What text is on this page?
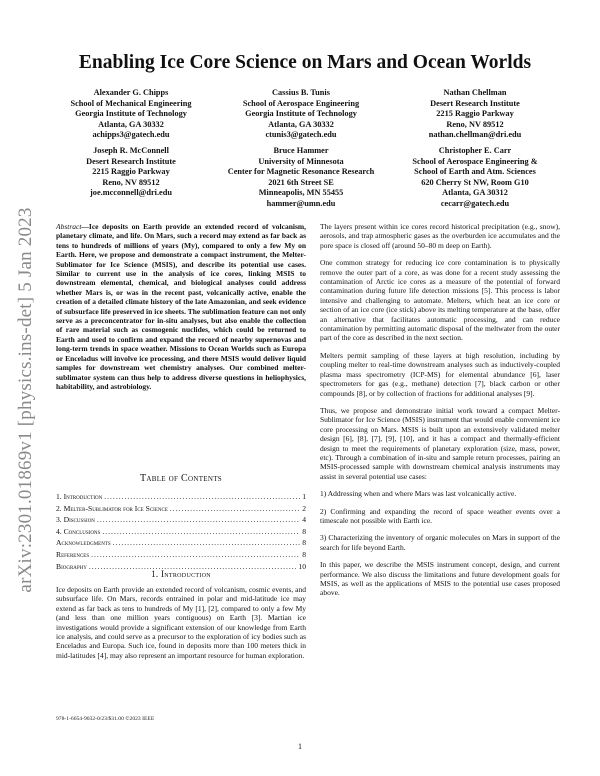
arXiv:2301.01869v1 [physics.ins-det] 5 Jan 2023
Enabling Ice Core Science on Mars and Ocean Worlds
Alexander G. Chipps
School of Mechanical Engineering
Georgia Institute of Technology
Atlanta, GA 30332
achipps3@gatech.edu
Cassius B. Tunis
School of Aerospace Engineering
Georgia Institute of Technology
Atlanta, GA 30332
ctunis3@gatech.edu
Nathan Chellman
Desert Research Institute
2215 Raggio Parkway
Reno, NV 89512
nathan.chellman@dri.edu
Joseph R. McConnell
Desert Research Institute
2215 Raggio Parkway
Reno, NV 89512
joe.mcconnell@dri.edu
Bruce Hammer
University of Minnesota
Center for Magnetic Resonance Research
2021 6th Street SE
Minneapolis, MN 55455
hammer@umn.edu
Christopher E. Carr
School of Aerospace Engineering &
School of Earth and Atm. Sciences
620 Cherry St NW, Room G10
Atlanta, GA 30312
cecarr@gatech.edu
Abstract—Ice deposits on Earth provide an extended record of volcanism, planetary climate, and life. On Mars, such a record may extend as far back as tens to hundreds of millions of years (My), compared to only a few My on Earth. Here, we propose and demonstrate a compact instrument, the Melter-Sublimator for Ice Science (MSIS), and describe its potential use cases. Similar to current use in the analysis of ice cores, linking MSIS to downstream elemental, chemical, and biological analyses could address whether Mars is, or was in the recent past, volcanically active, enable the creation of a detailed climate history of the late Amazonian, and seek evidence of subsurface life preserved in ice sheets. The sublimation feature can not only serve as a preconcentrator for in-situ analyses, but also enable the collection of rare material such as cosmogenic nuclides, which could be returned to Earth and used to confirm and expand the record of nearby supernovas and long-term trends in space weather. Missions to Ocean Worlds such as Europa or Enceladus will involve ice processing, and there MSIS would deliver liquid samples for downstream wet chemistry analyses. Our combined melter-sublimator system can thus help to address diverse questions in heliophysics, habitability, and astrobiology.
Table of Contents
1. Introduction .....	1
2. Melter-Sublimator for Ice Science .....	2
3. Discussion .....	4
4. Conclusions .....	8
Acknowledgments .....	8
References .....	8
Biography .....	10
1. Introduction

Ice deposits on Earth provide an extended record of volcanism, cosmic events, and subsurface life. On Mars, records entrained in polar and mid-latitude ice may extend as far back as tens to hundreds of My [1], [2], compared to only a few My (and less than one million years contiguous) on Earth [3]. Martian ice investigations would provide a significant extension of our knowledge from Earth ice analysis, and could serve as a precursor to the exploration of icy bodies such as Enceladus and Europa. Such ice, found in deposits more than 100 meters thick in mid-latitudes [4], may also represent an important resource for human exploration.

The layers present within ice cores record historical precipitation (e.g., snow), aerosols, and trap atmospheric gases as the overburden ice accumulates and the pore space is closed off (around 50–80 m deep on Earth).

One common strategy for reducing ice core contamination is to physically remove the outer part of a core, as was done for a recent study assessing the contamination of Arctic ice cores as a measure of the potential of forward contamination during future life detection missions [5]. This process is labor intensive and challenging to automate. Melters, which heat an ice core or section of an ice core (ice stick) above its melting temperature at the base, offer an alternative that facilitates automatic processing, and can reduce contamination by permitting automatic disposal of the meltwater from the outer part of the core as described in the next section.

Melters permit sampling of these layers at high resolution, including by coupling melter to real-time downstream analyses such as inductively-coupled plasma mass spectrometry (ICP-MS) for elemental abundance [6], laser spectrometers for gas (e.g., methane) detection [7], black carbon or other compounds [8], or by collection of fractions for additional analyses [9].

Thus, we propose and demonstrate initial work toward a compact Melter-Sublimator for Ice Science (MSIS) instrument that would enable convenient ice core processing on Mars. MSIS is built upon an extensively validated melter design [6], [8], [7], [9], [10], and it has a compact and thermally-efficient design to meet the requirements of planetary exploration (size, mass, power, etc). Through a combination of in-situ and sample return processes, pairing an MSIS-processed sample with downstream chemical analysis instruments may assist in several potential use cases:

1) Addressing when and where Mars was last volcanically active.

2) Confirming and expanding the record of space weather events over a timescale not possible with Earth ice.

3) Characterizing the inventory of organic molecules on Mars in support of the search for life beyond Earth.

In this paper, we describe the MSIS instrument concept, design, and current performance. We also discuss the limitations and future development goals for MSIS, as well as the applications of MSIS to the potential use cases proposed above.

978-1-6654-9032-0/23/$31.00 ©2023 IEEE
1
